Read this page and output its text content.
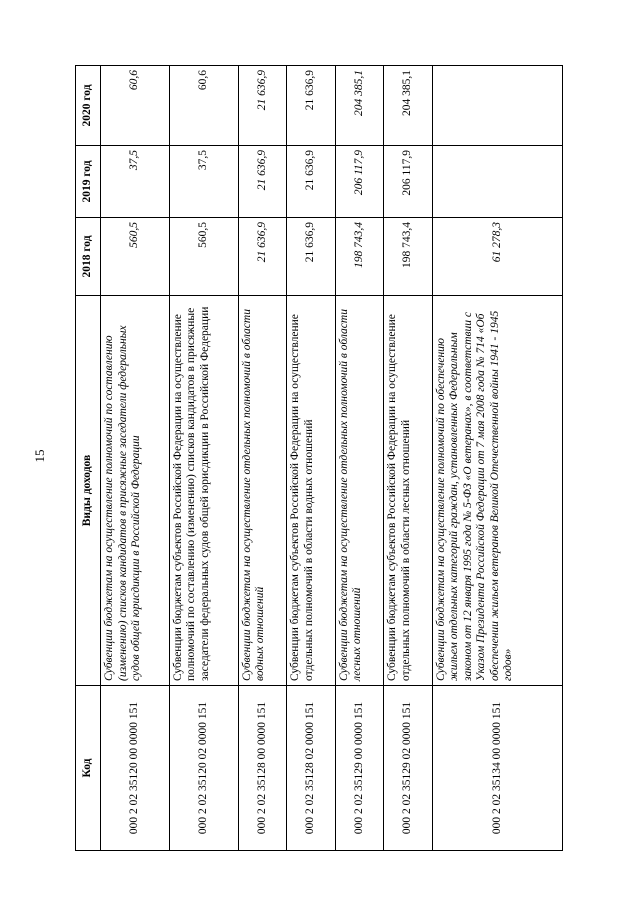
15
Код	Виды доходов	2018 год	2019 год	2020 год
000 2 02 35120 00 0000 151	Субвенции бюджетам на осуществление полномочий по составлению (изменению) списков кандидатов в присяжные заседатели федеральных судов общей юрисдикции в Российской Федерации	560,5	37,5	60,6
000 2 02 35120 02 0000 151	Субвенции бюджетам субъектов Российской Федерации на осуществление полномочий по составлению (изменению) списков кандидатов в присяжные заседатели федеральных судов общей юрисдикции в Российской Федерации	560,5	37,5	60,6
000 2 02 35128 00 0000 151	Субвенции бюджетам на осуществление отдельных полномочий в области водных отношений	21 636,9	21 636,9	21 636,9
000 2 02 35128 02 0000 151	Субвенции бюджетам субъектов Российской Федерации на осуществление отдельных полномочий в области водных отношений	21 636,9	21 636,9	21 636,9
000 2 02 35129 00 0000 151	Субвенции бюджетам на осуществление отдельных полномочий в области лесных отношений	198 743,4	206 117,9	204 385,1
000 2 02 35129 02 0000 151	Субвенции бюджетам субъектов Российской Федерации на осуществление отдельных полномочий в области лесных отношений	198 743,4	206 117,9	204 385,1
000 2 02 35134 00 0000 151	Субвенции бюджетам на осуществление полномочий по обеспечению жильем отдельных категорий граждан, установленных Федеральным законом от 12 января 1995 года № 5-ФЗ «О ветеранах», в соответствии с Указом Президента Российской Федерации от 7 мая 2008 года № 714 «Об обеспечении жильем ветеранов Великой Отечественной войны 1941 - 1945 годов»	61 278,3		
